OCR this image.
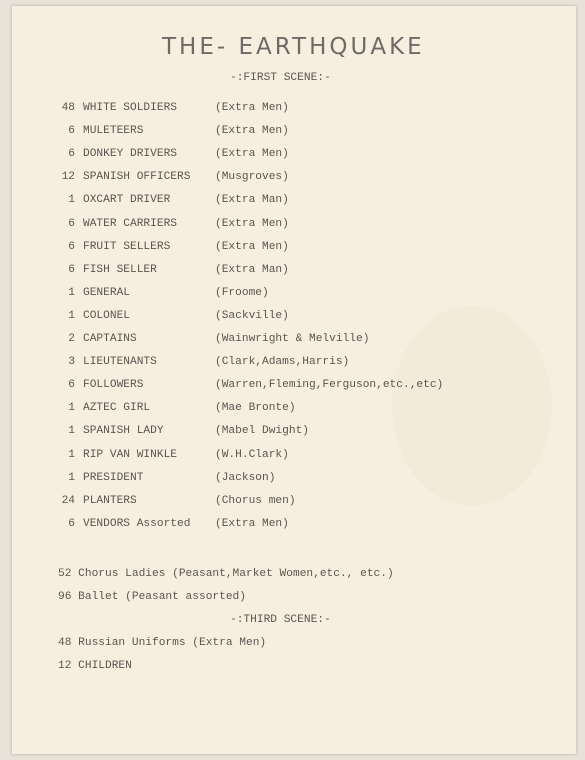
THE- EARTHQUAKE
-:FIRST SCENE:-
48 WHITE SOLDIERS	(Extra Men)
6 MULETEERS	(Extra Men)
6 DONKEY DRIVERS	(Extra Men)
12 SPANISH OFFICERS (Musgroves)
1 OXCART DRIVER	(Extra Man)
6 WATER CARRIERS	(Extra Men)
6 FRUIT SELLERS	(Extra Men)
6 FISH SELLER	(Extra Man)
1 GENERAL	(Froome)
1 COLONEL	(Sackville)
2 CAPTAINS	(Wainwright & Melville)
3 LIEUTENANTS	(Clark,Adams,Harris)
6 FOLLOWERS	(Warren,Fleming,Ferguson,etc.,etc)
1 AZTEC GIRL	(Mae Bronte)
1 SPANISH LADY	(Mabel Dwight)
1 RIP VAN WINKLE	(W.H.Clark)
1 PRESIDENT	(Jackson)
24 PLANTERS	(Chorus men)
6 VENDORS Assorted (Extra Men)
52 Chorus Ladies (Peasant,Market Women,etc., etc.)
96 Ballet (Peasant assorted)
-:THIRD SCENE:-
48 Russian Uniforms (Extra Men)
12 CHILDREN
